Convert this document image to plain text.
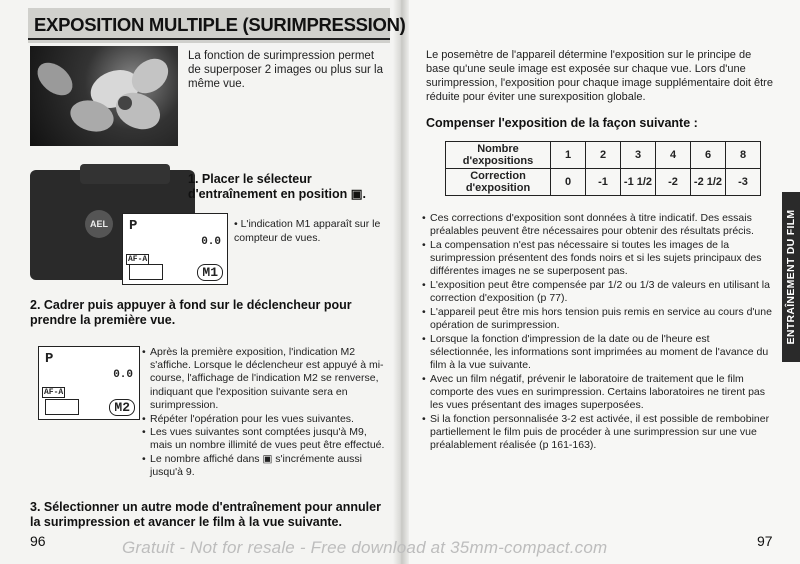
EXPOSITION MULTIPLE (SURIMPRESSION)
La fonction de surimpression permet de superposer 2 images ou plus sur la même vue.
AEL
1. Placer le sélecteur d'entraînement en position ▣.
P
0.0
AF-A
M1
• L'indication M1 apparaît sur le compteur de vues.
2. Cadrer puis appuyer à fond sur le déclencheur pour prendre la première vue.
P
0.0
AF-A
M2
• Après la première exposition, l'indication M2 s'affiche. Lorsque le déclencheur est appuyé à mi-course, l'affichage de l'indication M2 se renverse, indiquant que l'exposition suivante sera en surimpression.
• Répéter l'opération pour les vues suivantes.
• Les vues suivantes sont comptées jusqu'à M9, mais un nombre illimité de vues peut être effectué.
• Le nombre affiché dans ▣ s'incrémente aussi jusqu'à 9.
3. Sélectionner un autre mode d'entraînement pour annuler la surimpression et avancer le film à la vue suivante.
96
Le posemètre de l'appareil détermine l'exposition sur le principe de base qu'une seule image est exposée sur chaque vue. Lors d'une surimpression, l'exposition pour chaque image supplémentaire doit être réduite pour éviter une surexposition globale.
Compenser l'exposition de la façon suivante :
Nombre d'expositions	1	2	3	4	6	8
Correction d'exposition	0	-1	-1 1/2	-2	-2 1/2	-3
• Ces corrections d'exposition sont données à titre indicatif. Des essais préalables peuvent être nécessaires pour obtenir des résultats précis.
• La compensation n'est pas nécessaire si toutes les images de la surimpression présentent des fonds noirs et si les sujets principaux des différentes images ne se superposent pas.
• L'exposition peut être compensée par 1/2 ou 1/3 de valeurs en utilisant la correction d'exposition (p 77).
• L'appareil peut être mis hors tension puis remis en service au cours d'une opération de surimpression.
• Lorsque la fonction d'impression de la date ou de l'heure est sélectionnée, les informations sont imprimées au moment de l'avance du film à la vue suivante.
• Avec un film négatif, prévenir le laboratoire de traitement que le film comporte des vues en surimpression. Certains laboratoires ne tirent pas les vues présentant des images superposées.
• Si la fonction personnalisée 3-2 est activée, il est possible de rembobiner partiellement le film puis de procéder à une surimpression sur une vue préalablement réalisée (p 161-163).
ENTRAÎNEMENT DU FILM
97
Gratuit - Not for resale - Free download at 35mm-compact.com
